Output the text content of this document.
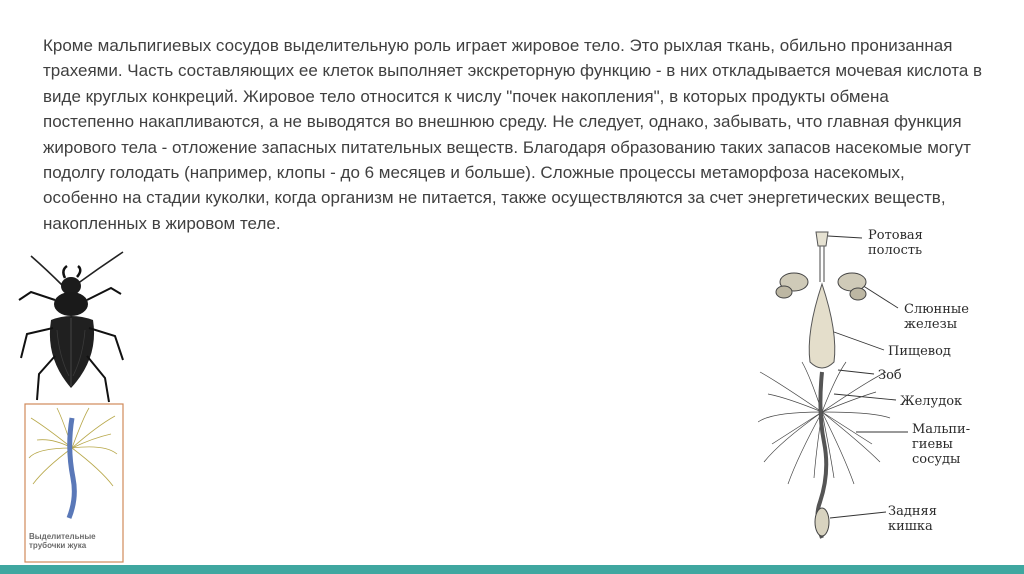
Кроме мальпигиевых сосудов выделительную роль играет жировое тело. Это рыхлая ткань, обильно пронизанная трахеями. Часть составляющих ее клеток выполняет экскреторную функцию - в них откладывается мочевая кислота в виде круглых конкреций. Жировое тело относится к числу "почек накопления", в которых продукты обмена постепенно накапливаются, а не выводятся во внешнюю среду. Не следует, однако, забывать, что главная функция жирового тела - отложение запасных питательных веществ. Благодаря образованию таких запасов насекомые могут подолгу голодать (например, клопы - до 6 месяцев и больше). Сложные процессы метаморфоза насекомых, особенно на стадии куколки, когда организм не питается, также осуществляются за счет энергетических веществ, накопленных в жировом теле.
Выделительные
трубочки жука
Ротовая
полость
Слюнные
железы
Пищевод
Зоб
Желудок
Мальпи-
гиевы
сосуды
Задняя
кишка
